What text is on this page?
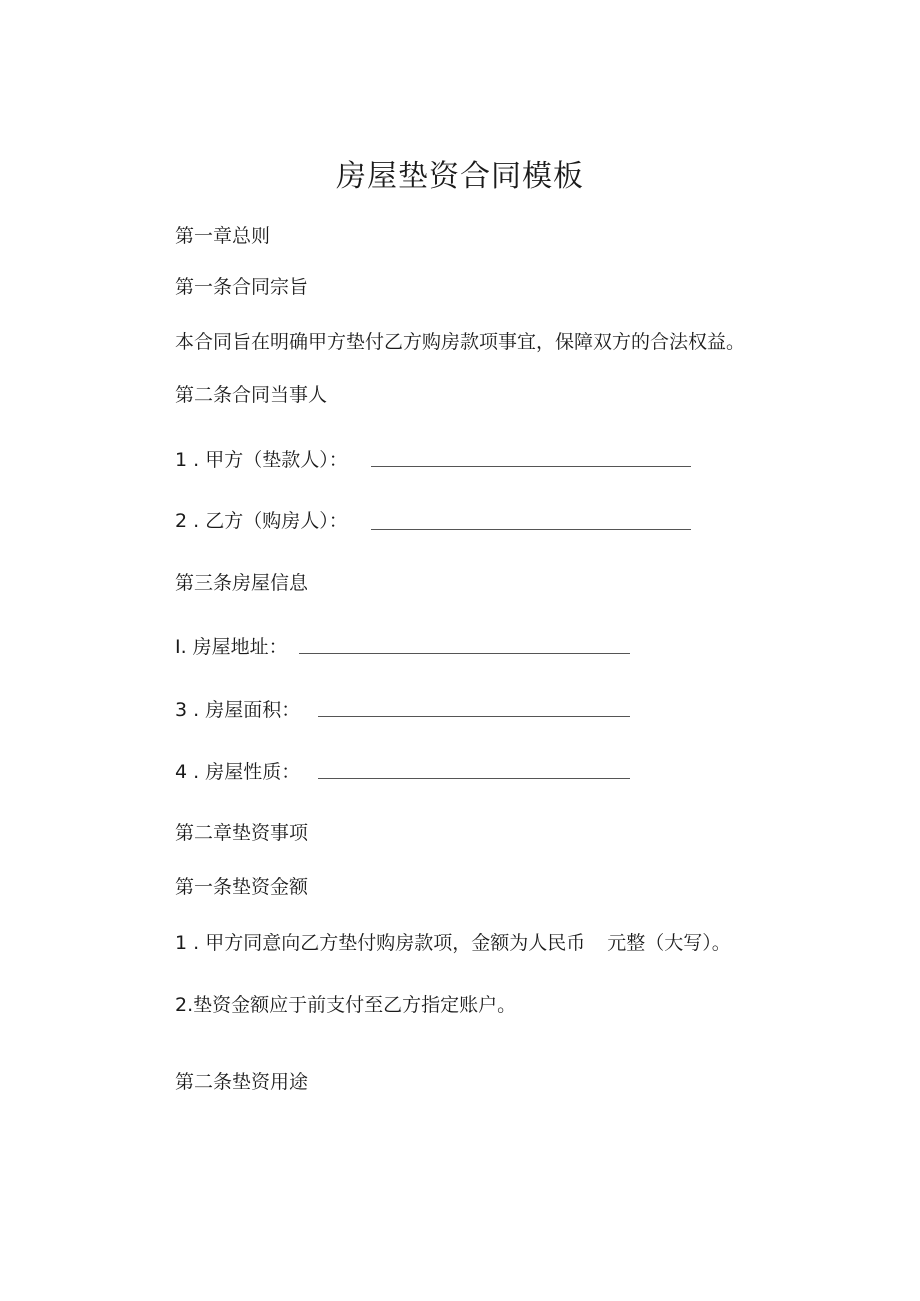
房屋垫资合同模板
第一章总则
第一条合同宗旨
本合同旨在明确甲方垫付乙方购房款项事宜，保障双方的合法权益。
第二条合同当事人
1 . 甲方（垫款人）：
2 . 乙方（购房人）：
第三条房屋信息
I. 房屋地址：
3 . 房屋面积：
4 . 房屋性质：
第二章垫资事项
第一条垫资金额
1 . 甲方同意向乙方垫付购房款项，金额为人民币 元整（大写）。
2.垫资金额应于前支付至乙方指定账户。
第二条垫资用途
